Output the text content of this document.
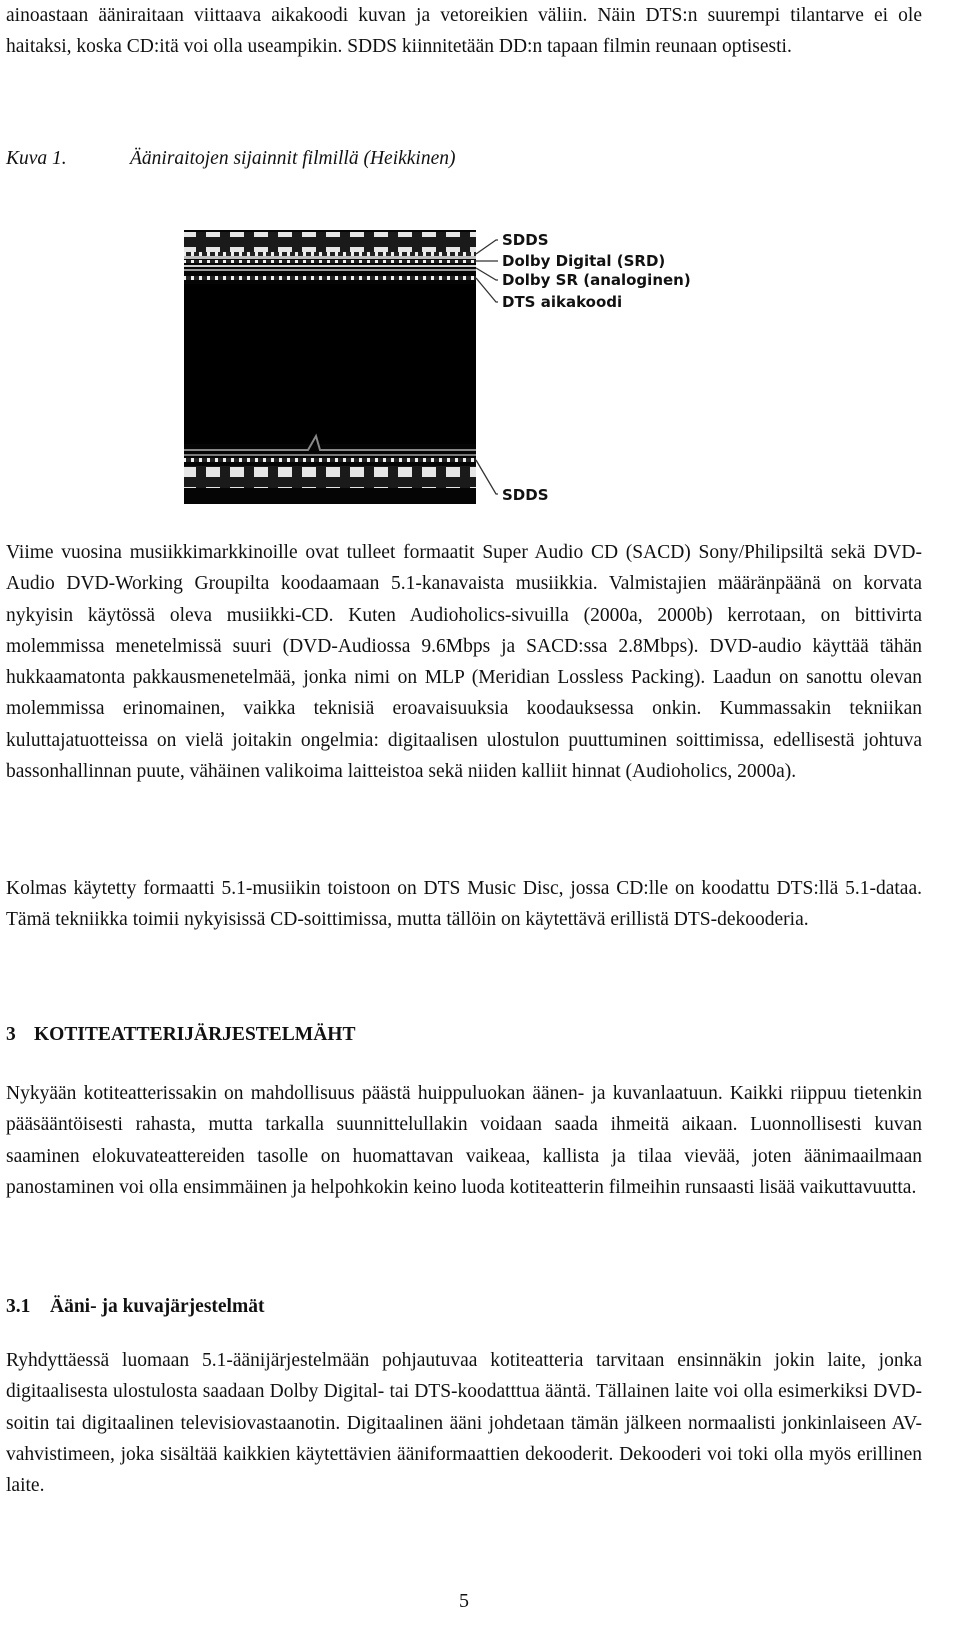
ainoastaan ääniraitaan viittaava aikakoodi kuvan ja vetoreikien väliin. Näin DTS:n suurempi tilantarve ei ole haitaksi, koska CD:itä voi olla useampikin. SDDS kiinnitetään DD:n tapaan filmin reunaan optisesti.

Kuva 1.	Ääniraitojen sijainnit filmillä (Heikkinen)
SDDS
Dolby Digital (SRD)
Dolby SR (analoginen)
DTS aikakoodi
SDDS

Viime vuosina musiikkimarkkinoille ovat tulleet formaatit Super Audio CD (SACD) Sony/Philipsiltä sekä DVD-Audio DVD-Working Groupilta koodaamaan 5.1-kanavaista musiikkia. Valmistajien määränpäänä on korvata nykyisin käytössä oleva musiikki-CD. Kuten Audioholics-sivuilla (2000a, 2000b) kerrotaan, on bittivirta molemmissa menetelmissä suuri (DVD-Audiossa 9.6Mbps ja SACD:ssa 2.8Mbps). DVD-audio käyttää tähän hukkaamatonta pakkausmenetelmää, jonka nimi on MLP (Meridian Lossless Packing). Laadun on sanottu olevan molemmissa erinomainen, vaikka teknisiä eroavaisuuksia koodauksessa onkin. Kummassakin tekniikan kuluttajatuotteissa on vielä joitakin ongelmia: digitaalisen ulostulon puuttuminen soittimissa, edellisestä johtuva bassonhallinnan puute, vähäinen valikoima laitteistoa sekä niiden kalliit hinnat (Audioholics, 2000a).

Kolmas käytetty formaatti 5.1-musiikin toistoon on DTS Music Disc, jossa CD:lle on koodattu DTS:llä 5.1-dataa. Tämä tekniikka toimii nykyisissä CD-soittimissa, mutta tällöin on käytettävä erillistä DTS-dekooderia.

3 KOTITEATTERIJÄRJESTELMÄHT

Nykyään kotiteatterissakin on mahdollisuus päästä huippuluokan äänen- ja kuvanlaatuun. Kaikki riippuu tietenkin pääsääntöisesti rahasta, mutta tarkalla suunnittelullakin voidaan saada ihmeitä aikaan. Luonnollisesti kuvan saaminen elokuvateattereiden tasolle on huomattavan vaikeaa, kallista ja tilaa vievää, joten äänimaailmaan panostaminen voi olla ensimmäinen ja helpohkokin keino luoda kotiteatterin filmeihin runsaasti lisää vaikuttavuutta.

3.1 Ääni- ja kuvajärjestelmät

Ryhdyttäessä luomaan 5.1-äänijärjestelmään pohjautuvaa kotiteatteria tarvitaan ensinnäkin jokin laite, jonka digitaalisesta ulostulosta saadaan Dolby Digital- tai DTS-koodatttua ääntä. Tällainen laite voi olla esimerkiksi DVD-soitin tai digitaalinen televisiovastaanotin. Digitaalinen ääni johdetaan tämän jälkeen normaalisti jonkinlaiseen AV-vahvistimeen, joka sisältää kaikkien käytettävien ääniformaattien dekooderit. Dekooderi voi toki olla myös erillinen laite.

5
